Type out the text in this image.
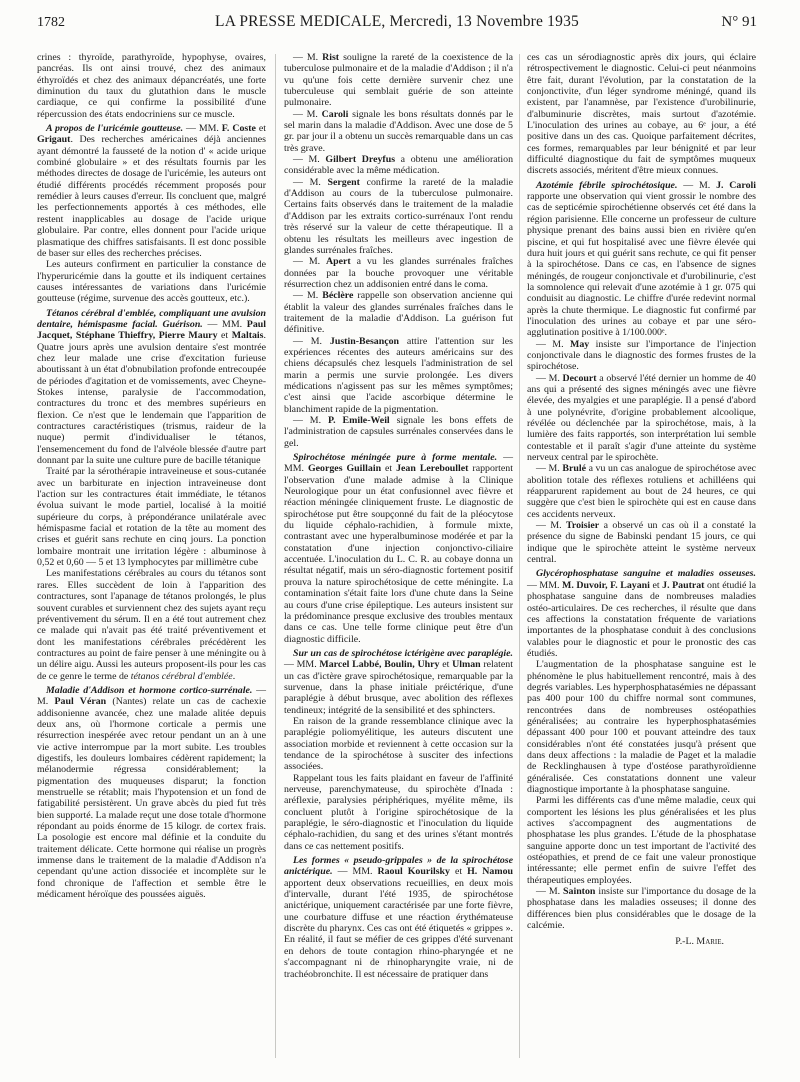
1782	LA PRESSE MEDICALE, Mercredi, 13 Novembre 1935	N° 91

crines : thyroïde, parathyroïde, hypophyse, ovaires, pancréas. Ils ont ainsi trouvé, chez des animaux éthyroïdés et chez des animaux dépancréatés, une forte diminution du taux du glutathion dans le muscle cardiaque, ce qui confirme la possibilité d'une répercussion des états endocriniens sur ce muscle.

A propos de l'uricémie goutteuse. — MM. F. Coste et Grigaut. Des recherches américaines déjà anciennes ayant démontré la fausseté de la notion d' « acide urique combiné globulaire » et des résultats fournis par les méthodes directes de dosage de l'uricémie, les auteurs ont étudié différents procédés récemment proposés pour remédier à leurs causes d'erreur. Ils concluent que, malgré les perfectionnements apportés à ces méthodes, elle restent inapplicables au dosage de l'acide urique globulaire. Par contre, elles donnent pour l'acide urique plasmatique des chiffres satisfaisants. Il est donc possible de baser sur elles des recherches précises.

Les auteurs confirment en particulier la constance de l'hyperuricémie dans la goutte et ils indiquent certaines causes intéressantes de variations dans l'uricémie goutteuse (régime, survenue des accès goutteux, etc.).

Tétanos cérébral d'emblée, compliquant une avulsion dentaire, hémispasme facial. Guérison. — MM. Paul Jacquet, Stéphane Thieffry, Pierre Maury et Maltais. Quatre jours après une avulsion dentaire s'est montrée chez leur malade une crise d'excitation furieuse aboutissant à un état d'obnubilation profonde entrecoupée de périodes d'agitation et de vomissements, avec Cheyne-Stokes intense, paralysie de l'accommodation, contractures du tronc et des membres supérieurs en flexion. Ce n'est que le lendemain que l'apparition de contractures caractéristiques (trismus, raideur de la nuque) permit d'individualiser le tétanos, l'ensemencement du fond de l'alvéole blessée d'autre part donnant par la suite une culture pure de bacille tétanique

Traité par la sérothérapie intraveineuse et sous-cutanée avec un barbiturate en injection intraveineuse dont l'action sur les contractures était immédiate, le tétanos évolua suivant le mode partiel, localisé à la moitié supérieure du corps, à prépondérance unilatérale avec hémispasme facial et rotation de la tête au moment des crises et guérit sans rechute en cinq jours. La ponction lombaire montrait une irritation légère : albuminose à 0,52 et 0,60 — 5 et 13 lymphocytes par millimètre cube

Les manifestations cérébrales au cours du tétanos sont rares. Elles succèdent de loin à l'apparition des contractures, sont l'apanage de tétanos prolongés, le plus souvent curables et surviennent chez des sujets ayant reçu préventivement du sérum. Il en a été tout autrement chez ce malade qui n'avait pas été traité préventivement et dont les manifestations cérébrales précédèrent les contractures au point de faire penser à une méningite ou à un délire aigu. Aussi les auteurs proposent-ils pour les cas de ce genre le terme de tétanos cérébral d'emblée.

Maladie d'Addison et hormone cortico-surrénale. — M. Paul Véran (Nantes) relate un cas de cachexie addisonienne avancée, chez une malade alitée depuis deux ans, où l'hormone corticale a permis une résurrection inespérée avec retour pendant un an à une vie active interrompue par la mort subite. Les troubles digestifs, les douleurs lombaires cédèrent rapidement; la mélanodermie régressa considérablement; la pigmentation des muqueuses disparut; la fonction menstruelle se rétablit; mais l'hypotension et un fond de fatigabilité persistèrent. Un grave abcès du pied fut très bien supporté. La malade reçut une dose totale d'hormone répondant au poids énorme de 15 kilogr. de cortex frais. La posologie est encore mal définie et la conduite du traitement délicate. Cette hormone qui réalise un progrès immense dans le traitement de la maladie d'Addison n'a cependant qu'une action dissociée et incomplète sur le fond chronique de l'affection et semble être le médicament héroïque des poussées aiguës.

— M. Rist souligne la rareté de la coexistence de la tuberculose pulmonaire et de la maladie d'Addison ; il n'a vu qu'une fois cette dernière survenir chez une tuberculeuse qui semblait guérie de son atteinte pulmonaire.

— M. Caroli signale les bons résultats donnés par le sel marin dans la maladie d'Addison. Avec une dose de 5 gr. par jour il a obtenu un succès remarquable dans un cas très grave.

— M. Gilbert Dreyfus a obtenu une amélioration considérable avec la même médication.

— M. Sergent confirme la rareté de la maladie d'Addison au cours de la tuberculose pulmonaire. Certains faits observés dans le traitement de la maladie d'Addison par les extraits cortico-surrénaux l'ont rendu très réservé sur la valeur de cette thérapeutique. Il a obtenu les résultats les meilleurs avec ingestion de glandes surrénales fraîches.

— M. Apert a vu les glandes surrénales fraîches données par la bouche provoquer une véritable résurrection chez un addisonien entré dans le coma.

— M. Béclère rappelle son observation ancienne qui établit la valeur des glandes surrénales fraîches dans le traitement de la maladie d'Addison. La guérison fut définitive.

— M. Justin-Besançon attire l'attention sur les expériences récentes des auteurs américains sur des chiens décapsulés chez lesquels l'administration de sel marin a permis une survie prolongée. Les divers médications n'agissent pas sur les mêmes symptômes; c'est ainsi que l'acide ascorbique détermine le blanchiment rapide de la pigmentation.

— M. P. Emile-Weil signale les bons effets de l'administration de capsules surrénales conservées dans le gel.

Spirochétose méningée pure à forme mentale. — MM. Georges Guillain et Jean Lereboullet rapportent l'observation d'une malade admise à la Clinique Neurologique pour un état confusionnel avec fièvre et réaction méningée cliniquement fruste. Le diagnostic de spirochétose put être soupçonné du fait de la pléocytose du liquide céphalo-rachidien, à formule mixte, contrastant avec une hyperalbuminose modérée et par la constatation d'une injection conjonctivo-ciliaire accentuée. L'inoculation du L. C. R. au cobaye donna un résultat négatif, mais un séro-diagnostic fortement positif prouva la nature spirochétosique de cette méningite. La contamination s'était faite lors d'une chute dans la Seine au cours d'une crise épileptique. Les auteurs insistent sur la prédominance presque exclusive des troubles mentaux dans ce cas. Une telle forme clinique peut être d'un diagnostic difficile.

Sur un cas de spirochétose ictérigène avec paraplégie. — MM. Marcel Labbé, Boulin, Uhry et Ulman relatent un cas d'ictère grave spirochétosique, remarquable par la survenue, dans la phase initiale préictérique, d'une paraplégie à début brusque, avec abolition des réflexes tendineux; intégrité de la sensibilité et des sphincters.

En raison de la grande ressemblance clinique avec la paraplégie poliomyélitique, les auteurs discutent une association morbide et reviennent à cette occasion sur la tendance de la spirochétose à susciter des infections associées.

Rappelant tous les faits plaidant en faveur de l'affinité nerveuse, parenchymateuse, du spirochète d'Inada : aréflexie, paralysies périphériques, myélite même, ils concluent plutôt à l'origine spirochétosique de la paraplégie, le séro-diagnostic et l'inoculation du liquide céphalo-rachidien, du sang et des urines s'étant montrés dans ce cas nettement positifs.

Les formes « pseudo-grippales » de la spirochétose anictérique. — MM. Raoul Kourilsky et H. Namou apportent deux observations recueillies, en deux mois d'intervalle, durant l'été 1935, de spirochétose anictérique, uniquement caractérisée par une forte fièvre, une courbature diffuse et une réaction érythémateuse discrète du pharynx. Ces cas ont été étiquetés « grippes ». En réalité, il faut se méfier de ces grippes d'été survenant en dehors de toute contagion rhino-pharyngée et ne s'accompagnant ni de rhinopharyngite vraie, ni de trachéobronchite. Il est nécessaire de pratiquer dans

ces cas un sérodiagnostic après dix jours, qui éclaire rétrospectivement le diagnostic. Celui-ci peut néanmoins être fait, durant l'évolution, par la constatation de la conjonctivite, d'un léger syndrome méningé, quand ils existent, par l'anamnèse, par l'existence d'urobilinurie, d'albuminurie discrètes, mais surtout d'azotémie. L'inoculation des urines au cobaye, au 6ᵉ jour, a été positive dans un des cas. Quoique parfaitement décrites, ces formes, remarquables par leur bénignité et par leur difficulté diagnostique du fait de symptômes muqueux discrets associés, méritent d'être mieux connues.

Azotémie fébrile spirochétosique. — M. J. Caroli rapporte une observation qui vient grossir le nombre des cas de septicémie spirochétienne observés cet été dans la région parisienne. Elle concerne un professeur de culture physique prenant des bains aussi bien en rivière qu'en piscine, et qui fut hospitalisé avec une fièvre élevée qui dura huit jours et qui guérit sans rechute, ce qui fit penser à la spirochétose. Dans ce cas, en l'absence de signes méningés, de rougeur conjonctivale et d'urobilinurie, c'est la somnolence qui relevait d'une azotémie à 1 gr. 075 qui conduisit au diagnostic. Le chiffre d'urée redevint normal après la chute thermique. Le diagnostic fut confirmé par l'inoculation des urines au cobaye et par une séro-agglutination positive à 1/100.000ᵉ.

— M. May insiste sur l'importance de l'injection conjonctivale dans le diagnostic des formes frustes de la spirochétose.

— M. Decourt a observé l'été dernier un homme de 40 ans qui a présenté des signes méningés avec une fièvre élevée, des myalgies et une paraplégie. Il a pensé d'abord à une polynévrite, d'origine probablement alcoolique, révélée ou déclenchée par la spirochétose, mais, à la lumière des faits rapportés, son interprétation lui semble contestable et il paraît s'agir d'une atteinte du système nerveux central par le spirochète.

— M. Brulé a vu un cas analogue de spirochétose avec abolition totale des réflexes rotuliens et achilléens qui réapparurent rapidement au bout de 24 heures, ce qui suggère que c'est bien le spirochète qui est en cause dans ces accidents nerveux.

— M. Troisier a observé un cas où il a constaté la présence du signe de Babinski pendant 15 jours, ce qui indique que le spirochète atteint le système nerveux central.

Glycérophosphatase sanguine et maladies osseuses. — MM. M. Duvoir, F. Layani et J. Pautrat ont étudié la phosphatase sanguine dans de nombreuses maladies ostéo-articulaires. De ces recherches, il résulte que dans ces affections la constatation fréquente de variations importantes de la phosphatase conduit à des conclusions valables pour le diagnostic et pour le pronostic des cas étudiés.

L'augmentation de la phosphatase sanguine est le phénomène le plus habituellement rencontré, mais à des degrés variables. Les hyperphosphatasémies ne dépassant pas 400 pour 100 du chiffre normal sont communes, rencontrées dans de nombreuses ostéopathies généralisées; au contraire les hyperphosphatasémies dépassant 400 pour 100 et pouvant atteindre des taux considérables n'ont été constatées jusqu'à présent que dans deux affections : la maladie de Paget et la maladie de Recklinghausen à type d'ostéose parathyroïdienne généralisée. Ces constatations donnent une valeur diagnostique importante à la phosphatase sanguine.

Parmi les différents cas d'une même maladie, ceux qui comportent les lésions les plus généralisées et les plus actives s'accompagnent des augmentations de phosphatase les plus grandes. L'étude de la phosphatase sanguine apporte donc un test important de l'activité des ostéopathies, et prend de ce fait une valeur pronostique intéressante; elle permet enfin de suivre l'effet des thérapeutiques employées.

— M. Sainton insiste sur l'importance du dosage de la phosphatase dans les maladies osseuses; il donne des différences bien plus considérables que le dosage de la calcémie.

P.-L. Marie.
